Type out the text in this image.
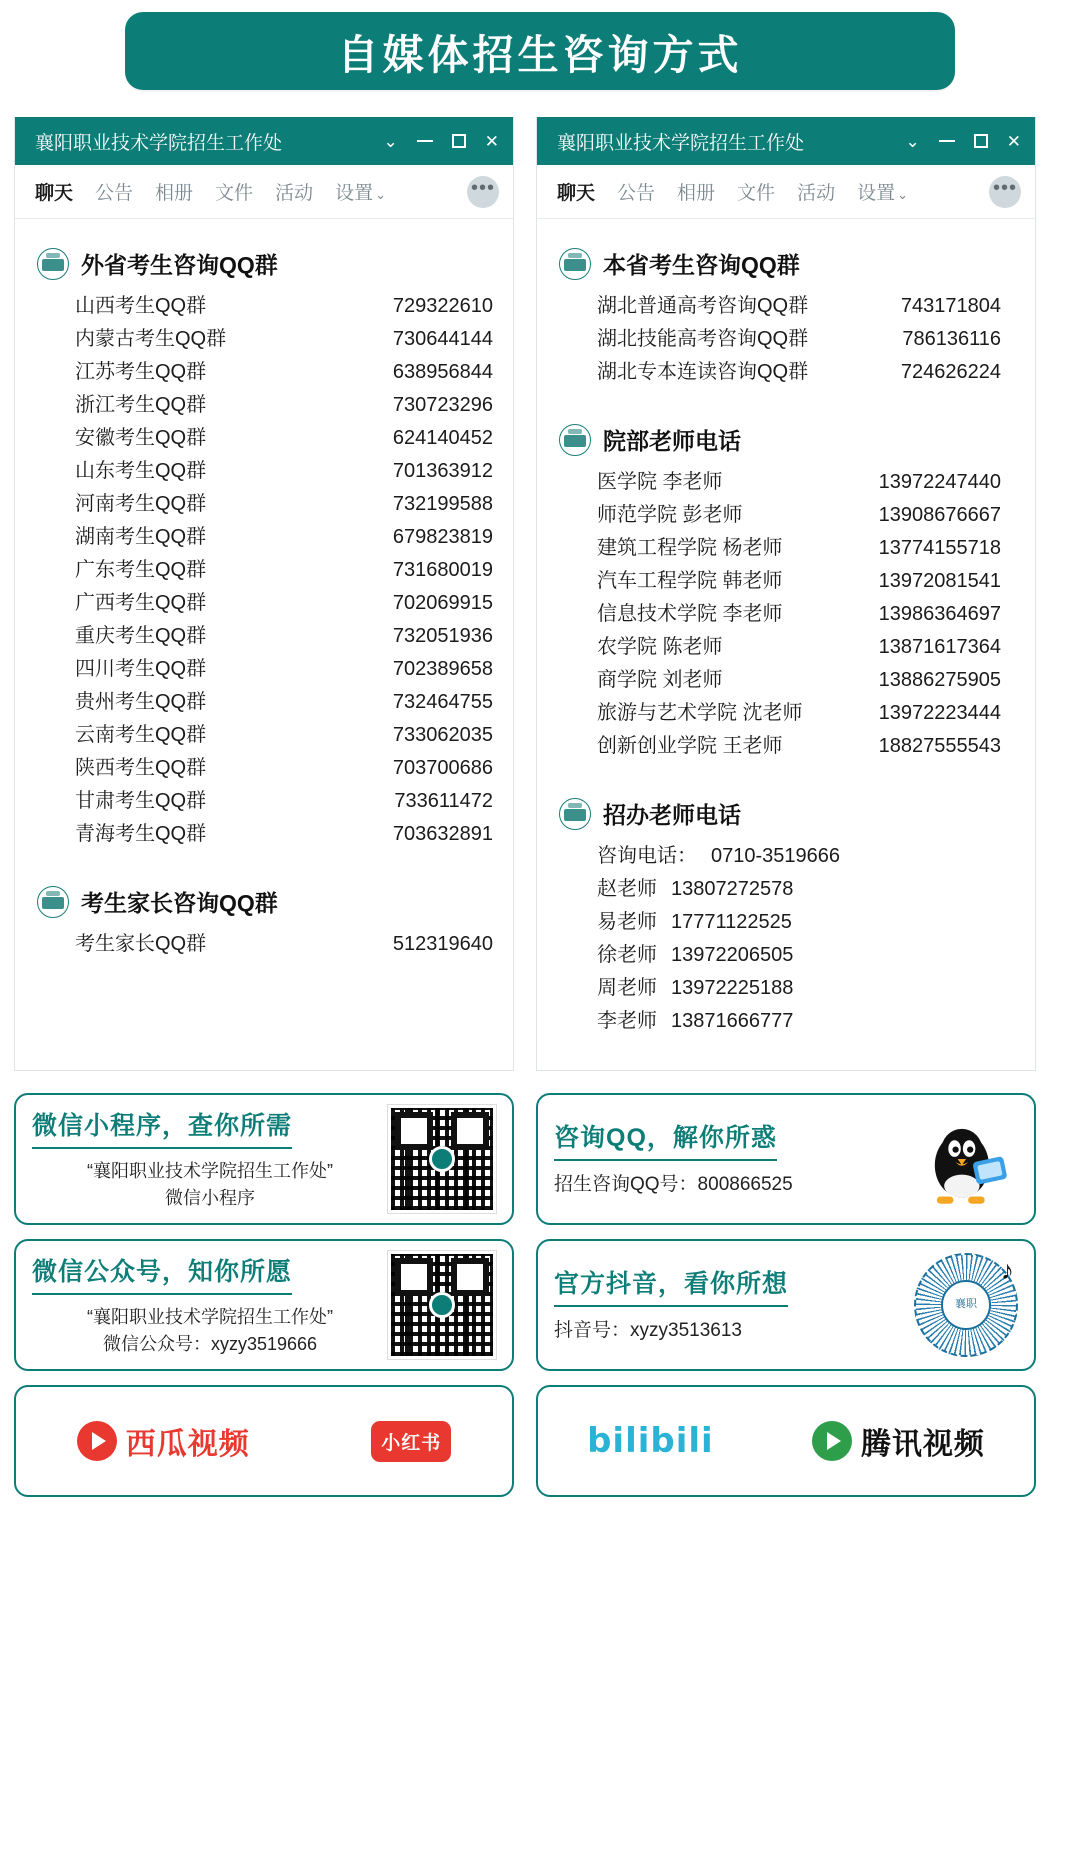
自媒体招生咨询方式
襄阳职业技术学院招生工作处	⌄	✕
聊天 公告 相册 文件 活动 设置 ⌄	•••
外省考生咨询QQ群
山西考生QQ群	729322610
内蒙古考生QQ群	730644144
江苏考生QQ群	638956844
浙江考生QQ群	730723296
安徽考生QQ群	624140452
山东考生QQ群	701363912
河南考生QQ群	732199588
湖南考生QQ群	679823819
广东考生QQ群	731680019
广西考生QQ群	702069915
重庆考生QQ群	732051936
四川考生QQ群	702389658
贵州考生QQ群	732464755
云南考生QQ群	733062035
陕西考生QQ群	703700686
甘肃考生QQ群	733611472
青海考生QQ群	703632891
考生家长咨询QQ群
考生家长QQ群	512319640
襄阳职业技术学院招生工作处	⌄	✕
聊天 公告 相册 文件 活动 设置 ⌄	•••
本省考生咨询QQ群
湖北普通高考咨询QQ群	743171804
湖北技能高考咨询QQ群	786136116
湖北专本连读咨询QQ群	724626224
院部老师电话
医学院 李老师	13972247440
师范学院 彭老师	13908676667
建筑工程学院 杨老师	13774155718
汽车工程学院 韩老师	13972081541
信息技术学院 李老师	13986364697
农学院 陈老师	13871617364
商学院 刘老师	13886275905
旅游与艺术学院 沈老师	13972223444
创新创业学院 王老师	18827555543
招办老师电话
咨询电话： 0710-3519666
赵老师 13807272578
易老师 17771122525
徐老师 13972206505
周老师 13972225188
李老师 13871666777
微信小程序，查你所需
“襄阳职业技术学院招生工作处”
微信小程序
微信公众号，知你所愿
“襄阳职业技术学院招生工作处”
微信公众号：xyzy3519666
西瓜视频	小红书
咨询QQ，解你所惑
招生咨询QQ号：800866525
官方抖音，看你所想
抖音号：xyzy3513613
襄职
♪
bilibili	腾讯视频
